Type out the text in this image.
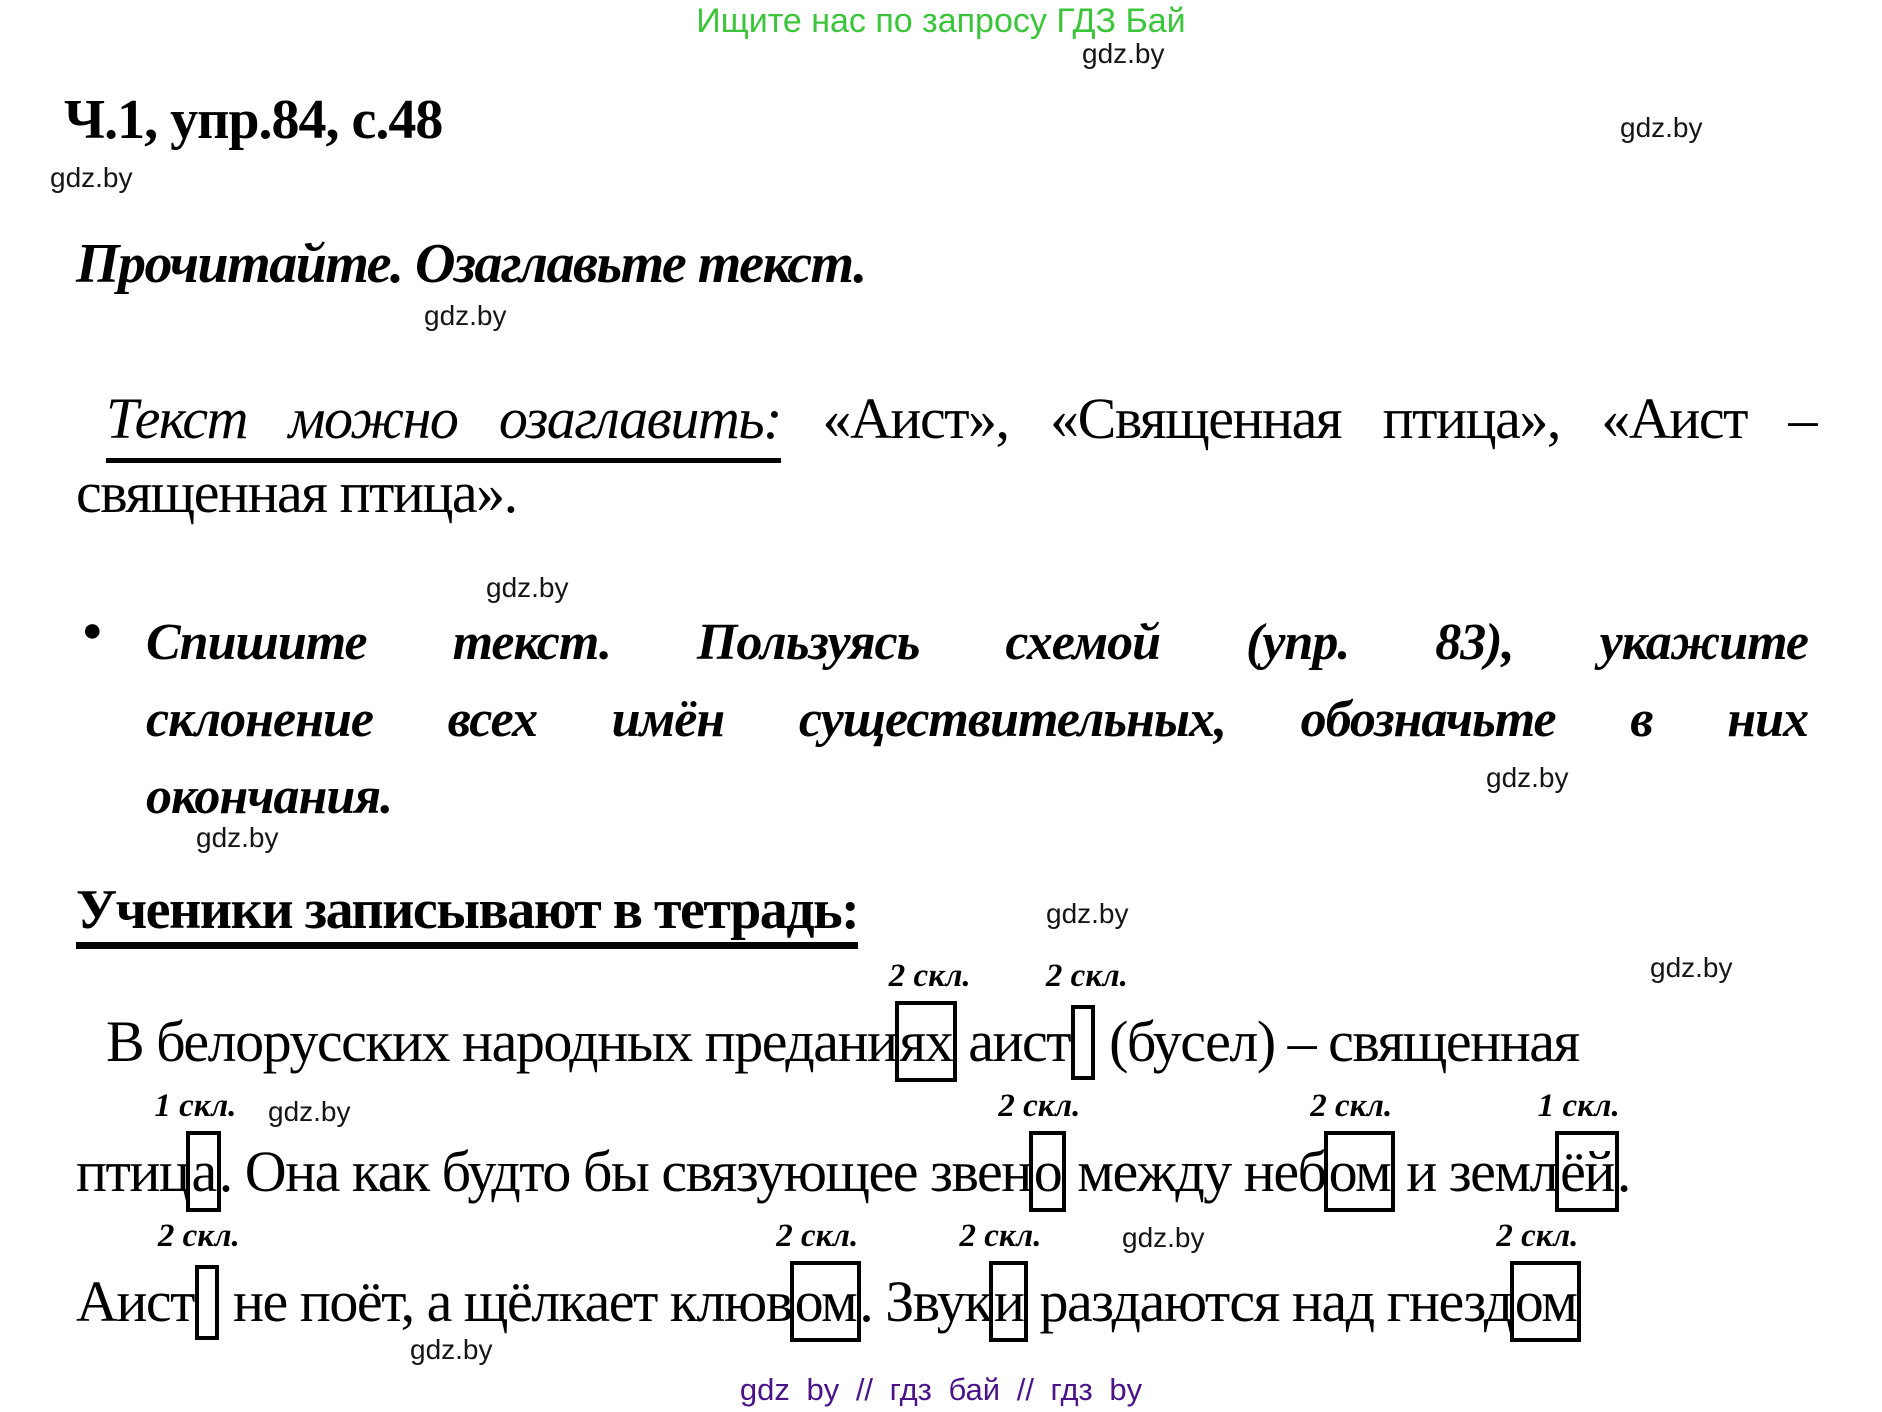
Ищите нас по запросу ГДЗ Бай
gdz.by
gdz.by
gdz.by
gdz.by
gdz.by
gdz.by
gdz.by
gdz.by
gdz.by
gdz.by
gdz.by
gdz.by
Ч.1, упр.84, с.48
Прочитайте. Озаглавьте текст.
Текст можно озаглавить: «Аист», «Священная птица», «Аист –
священная птица».
● Спишите текст. Пользуясь схемой (упр. 83), укажите
склонение всех имён существительных, обозначьте в них
окончания.
Ученики записывают в тетрадь:
В белорусских народных предани
2 скл.
ях аист
2 скл.
(бусел) – священная
птиц
1 скл.
а. Она как будто бы связующее звен
2 скл.
о между неб
2 скл.
ом и земл
1 скл.
ёй.
Аист
2 скл.
не поёт, а щёлкает клюв
2 скл.
ом. Звук
2 скл.
и раздаются над гнезд
2 скл.
ом
gdz by // гдз бай // гдз by
